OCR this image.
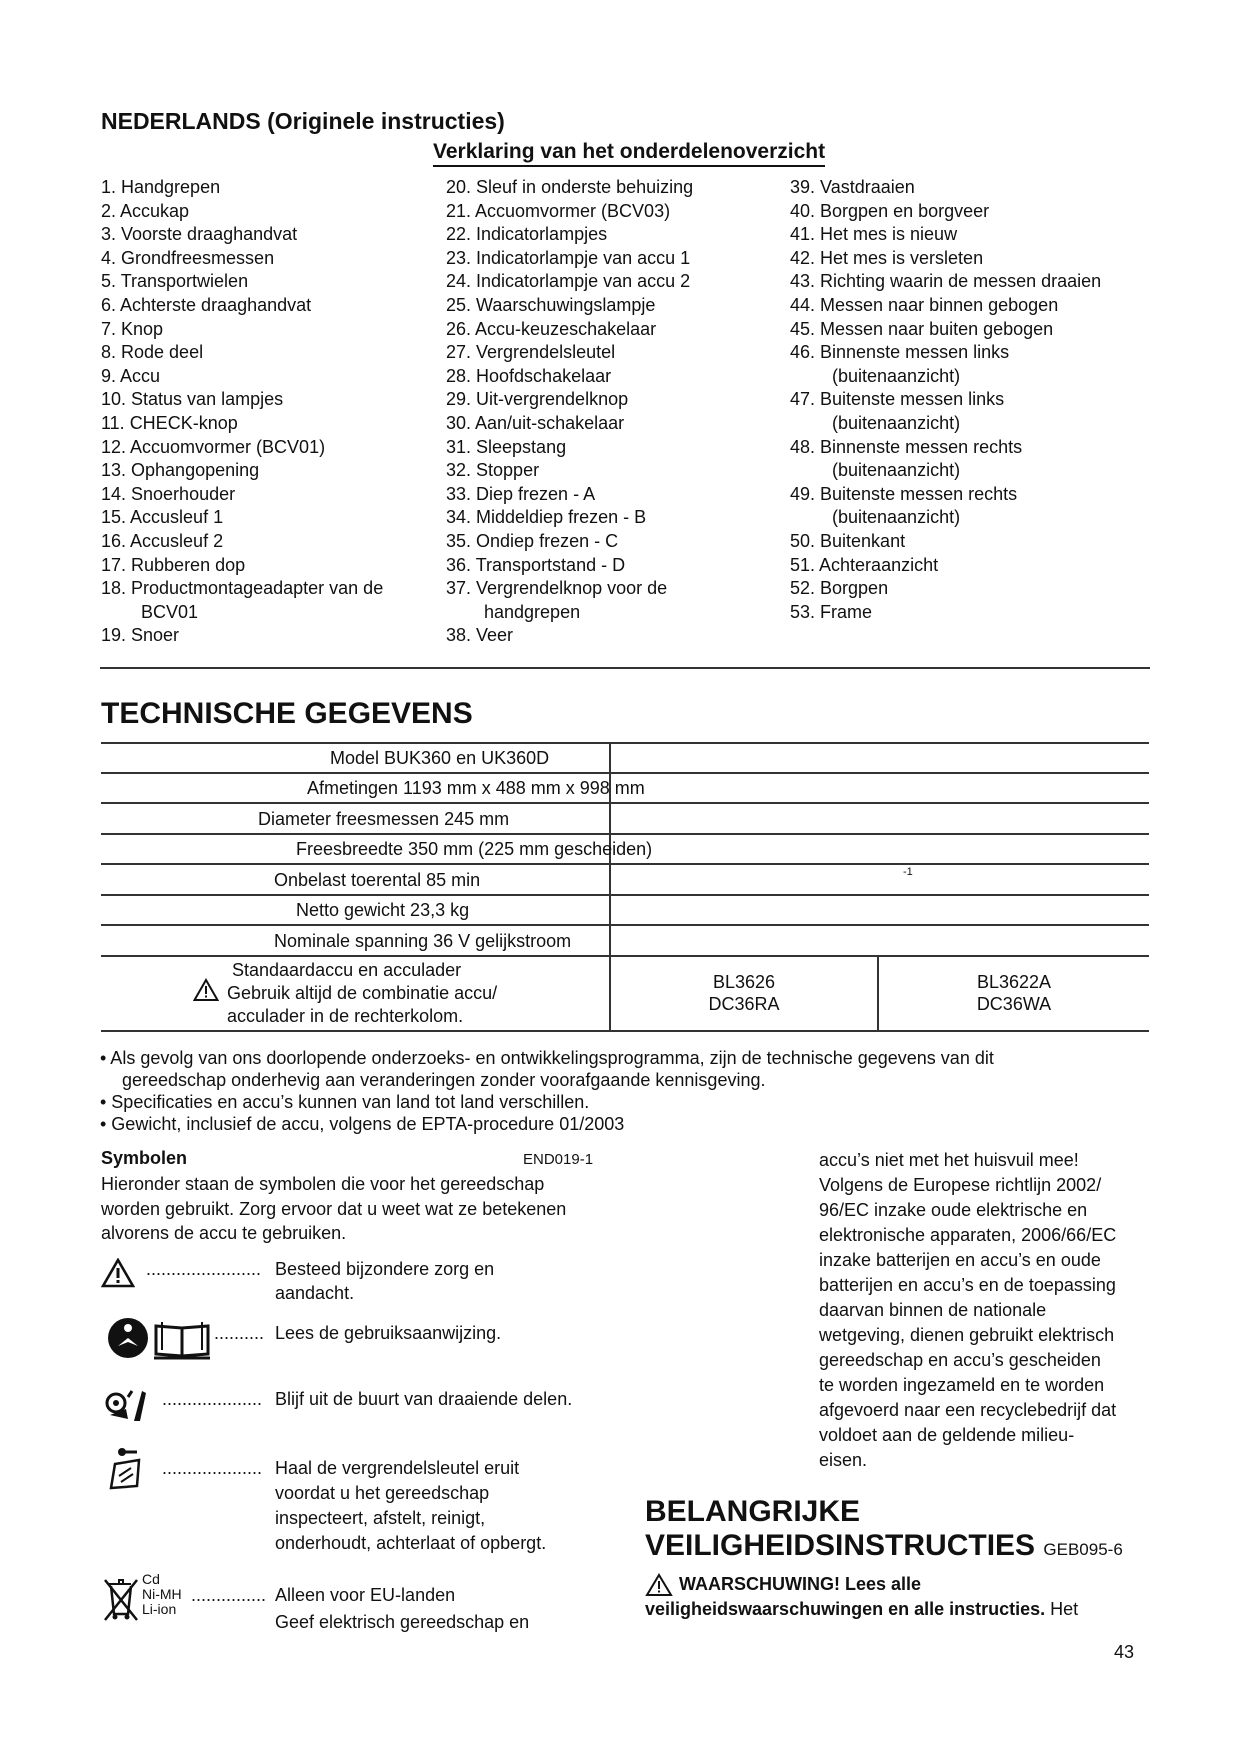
NEDERLANDS (Originele instructies)
Verklaring van het onderdelenoverzicht
1. Handgrepen
2. Accukap
3. Voorste draaghandvat
4. Grondfreesmessen
5. Transportwielen
6. Achterste draaghandvat
7. Knop
8. Rode deel
9. Accu
10. Status van lampjes
11. CHECK-knop
12. Accuomvormer (BCV01)
13. Ophangopening
14. Snoerhouder
15. Accusleuf 1
16. Accusleuf 2
17. Rubberen dop
18. Productmontageadapter van de
BCV01
19. Snoer
20. Sleuf in onderste behuizing
21. Accuomvormer (BCV03)
22. Indicatorlampjes
23. Indicatorlampje van accu 1
24. Indicatorlampje van accu 2
25. Waarschuwingslampje
26. Accu-keuzeschakelaar
27. Vergrendelsleutel
28. Hoofdschakelaar
29. Uit-vergrendelknop
30. Aan/uit-schakelaar
31. Sleepstang
32. Stopper
33. Diep frezen - A
34. Middeldiep frezen - B
35. Ondiep frezen - C
36. Transportstand - D
37. Vergrendelknop voor de
handgrepen
38. Veer
39. Vastdraaien
40. Borgpen en borgveer
41. Het mes is nieuw
42. Het mes is versleten
43. Richting waarin de messen draaien
44. Messen naar binnen gebogen
45. Messen naar buiten gebogen
46. Binnenste messen links
(buitenaanzicht)
47. Buitenste messen links
(buitenaanzicht)
48. Binnenste messen rechts
(buitenaanzicht)
49. Buitenste messen rechts
(buitenaanzicht)
50. Buitenkant
51. Achteraanzicht
52. Borgpen
53. Frame
TECHNISCHE GEGEVENS
Model BUK360 en UK360D
Afmetingen 1193 mm x 488 mm x 998 mm
Diameter freesmessen 245 mm
Freesbreedte 350 mm (225 mm gescheiden)
Onbelast toerental 85 min	-1
Netto gewicht 23,3 kg
Nominale spanning 36 V gelijkstroom
Standaardaccu en acculader
Gebruik altijd de combinatie accu/
acculader in de rechterkolom.
BL3626
DC36RA
BL3622A
DC36WA
• Als gevolg van ons doorlopende onderzoeks- en ontwikkelingsprogramma, zijn de technische gegevens van dit
gereedschap onderhevig aan veranderingen zonder voorafgaande kennisgeving.
• Specificaties en accu’s kunnen van land tot land verschillen.
• Gewicht, inclusief de accu, volgens de EPTA-procedure 01/2003
Symbolen	END019-1
Hieronder staan de symbolen die voor het gereedschap worden gebruikt. Zorg ervoor dat u weet wat ze betekenen alvorens de accu te gebruiken.
....................... Besteed bijzondere zorg en
aandacht.
.......... Lees de gebruiksaanwijzing.
.................... Blijf uit de buurt van draaiende delen.
.................... Haal de vergrendelsleutel eruit
voordat u het gereedschap
inspecteert, afstelt, reinigt,
onderhoudt, achterlaat of opbergt.
Cd
Ni-MH
Li-ion
............... Alleen voor EU-landen
Geef elektrisch gereedschap en
accu’s niet met het huisvuil mee!
Volgens de Europese richtlijn 2002/
96/EC inzake oude elektrische en
elektronische apparaten, 2006/66/EC
inzake batterijen en accu’s en oude
batterijen en accu’s en de toepassing
daarvan binnen de nationale
wetgeving, dienen gebruikt elektrisch
gereedschap en accu’s gescheiden
te worden ingezameld en te worden
afgevoerd naar een recyclebedrijf dat
voldoet aan de geldende milieu-
eisen.
BELANGRIJKE
VEILIGHEIDSINSTRUCTIES GEB095-6
WAARSCHUWING! Lees alle
veiligheidswaarschuwingen en alle instructies. Het
43
